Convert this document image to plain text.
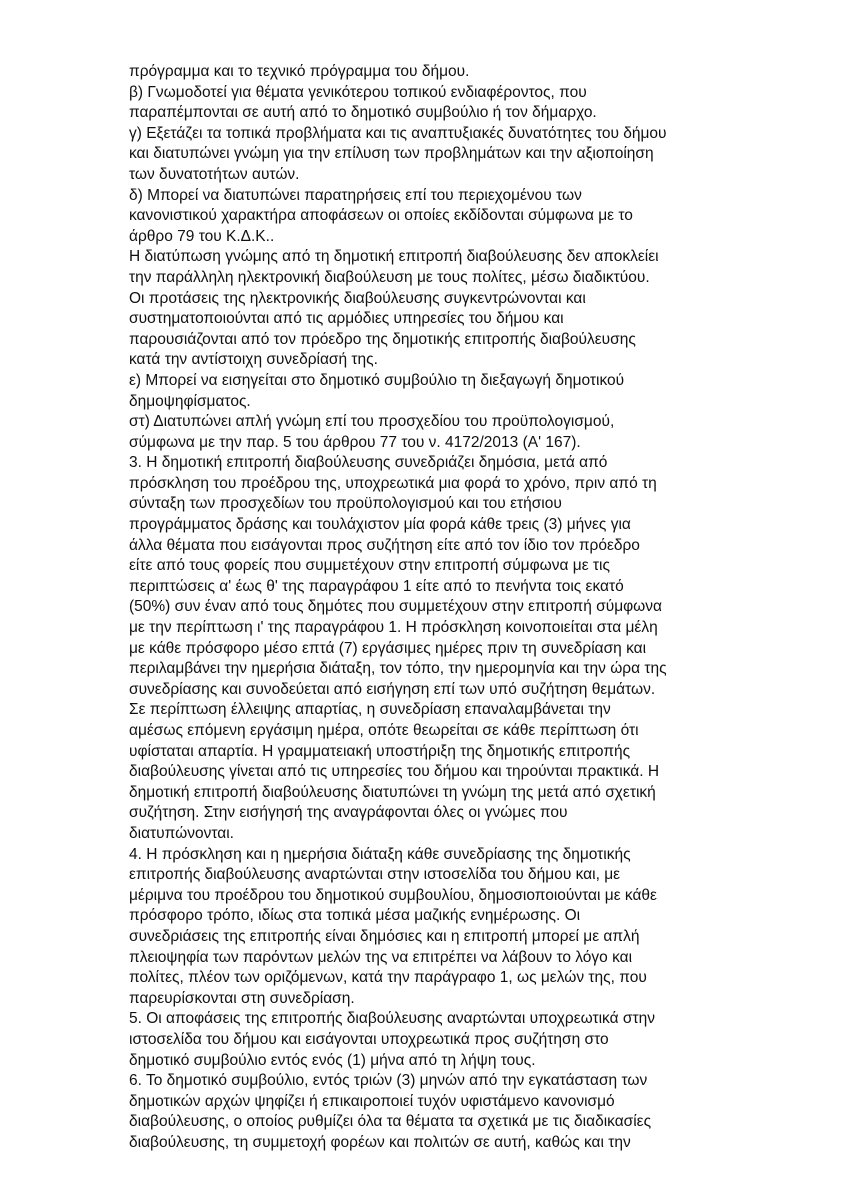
πρόγραμμα και το τεχνικό πρόγραμμα του δήμου.
β) Γνωμοδοτεί για θέματα γενικότερου τοπικού ενδιαφέροντος, που
παραπέμπονται σε αυτή από το δημοτικό συμβούλιο ή τον δήμαρχο.
γ) Εξετάζει τα τοπικά προβλήματα και τις αναπτυξιακές δυνατότητες του δήμου
και διατυπώνει γνώμη για την επίλυση των προβλημάτων και την αξιοποίηση
των δυνατοτήτων αυτών.
δ) Μπορεί να διατυπώνει παρατηρήσεις επί του περιεχομένου των
κανονιστικού χαρακτήρα αποφάσεων οι οποίες εκδίδονται σύμφωνα με το
άρθρο 79 του Κ.Δ.Κ..
Η διατύπωση γνώμης από τη δημοτική επιτροπή διαβούλευσης δεν αποκλείει
την παράλληλη ηλεκτρονική διαβούλευση με τους πολίτες, μέσω διαδικτύου.
Οι προτάσεις της ηλεκτρονικής διαβούλευσης συγκεντρώνονται και
συστηματοποιούνται από τις αρμόδιες υπηρεσίες του δήμου και
παρουσιάζονται από τον πρόεδρο της δημοτικής επιτροπής διαβούλευσης
κατά την αντίστοιχη συνεδρίασή της.
ε) Μπορεί να εισηγείται στο δημοτικό συμβούλιο τη διεξαγωγή δημοτικού
δημοψηφίσματος.
στ) Διατυπώνει απλή γνώμη επί του προσχεδίου του προϋπολογισμού,
σύμφωνα με την παρ. 5 του άρθρου 77 του ν. 4172/2013 (Α' 167).
3. Η δημοτική επιτροπή διαβούλευσης συνεδριάζει δημόσια, μετά από
πρόσκληση του προέδρου της, υποχρεωτικά μια φορά το χρόνο, πριν από τη
σύνταξη των προσχεδίων του προϋπολογισμού και του ετήσιου
προγράμματος δράσης και τουλάχιστον μία φορά κάθε τρεις (3) μήνες για
άλλα θέματα που εισάγονται προς συζήτηση είτε από τον ίδιο τον πρόεδρο
είτε από τους φορείς που συμμετέχουν στην επιτροπή σύμφωνα με τις
περιπτώσεις α' έως θ' της παραγράφου 1 είτε από το πενήντα τοις εκατό
(50%) συν έναν από τους δημότες που συμμετέχουν στην επιτροπή σύμφωνα
με την περίπτωση ι' της παραγράφου 1. Η πρόσκληση κοινοποιείται στα μέλη
με κάθε πρόσφορο μέσο επτά (7) εργάσιμες ημέρες πριν τη συνεδρίαση και
περιλαμβάνει την ημερήσια διάταξη, τον τόπο, την ημερομηνία και την ώρα της
συνεδρίασης και συνοδεύεται από εισήγηση επί των υπό συζήτηση θεμάτων.
Σε περίπτωση έλλειψης απαρτίας, η συνεδρίαση επαναλαμβάνεται την
αμέσως επόμενη εργάσιμη ημέρα, οπότε θεωρείται σε κάθε περίπτωση ότι
υφίσταται απαρτία. Η γραμματειακή υποστήριξη της δημοτικής επιτροπής
διαβούλευσης γίνεται από τις υπηρεσίες του δήμου και τηρούνται πρακτικά. Η
δημοτική επιτροπή διαβούλευσης διατυπώνει τη γνώμη της μετά από σχετική
συζήτηση. Στην εισήγησή της αναγράφονται όλες οι γνώμες που
διατυπώνονται.
4. Η πρόσκληση και η ημερήσια διάταξη κάθε συνεδρίασης της δημοτικής
επιτροπής διαβούλευσης αναρτώνται στην ιστοσελίδα του δήμου και, με
μέριμνα του προέδρου του δημοτικού συμβουλίου, δημοσιοποιούνται με κάθε
πρόσφορο τρόπο, ιδίως στα τοπικά μέσα μαζικής ενημέρωσης. Οι
συνεδριάσεις της επιτροπής είναι δημόσιες και η επιτροπή μπορεί με απλή
πλειοψηφία των παρόντων μελών της να επιτρέπει να λάβουν το λόγο και
πολίτες, πλέον των οριζόμενων, κατά την παράγραφο 1, ως μελών της, που
παρευρίσκονται στη συνεδρίαση.
5. Οι αποφάσεις της επιτροπής διαβούλευσης αναρτώνται υποχρεωτικά στην
ιστοσελίδα του δήμου και εισάγονται υποχρεωτικά προς συζήτηση στο
δημοτικό συμβούλιο εντός ενός (1) μήνα από τη λήψη τους.
6. Το δημοτικό συμβούλιο, εντός τριών (3) μηνών από την εγκατάσταση των
δημοτικών αρχών ψηφίζει ή επικαιροποιεί τυχόν υφιστάμενο κανονισμό
διαβούλευσης, ο οποίος ρυθμίζει όλα τα θέματα τα σχετικά με τις διαδικασίες
διαβούλευσης, τη συμμετοχή φορέων και πολιτών σε αυτή, καθώς και την
